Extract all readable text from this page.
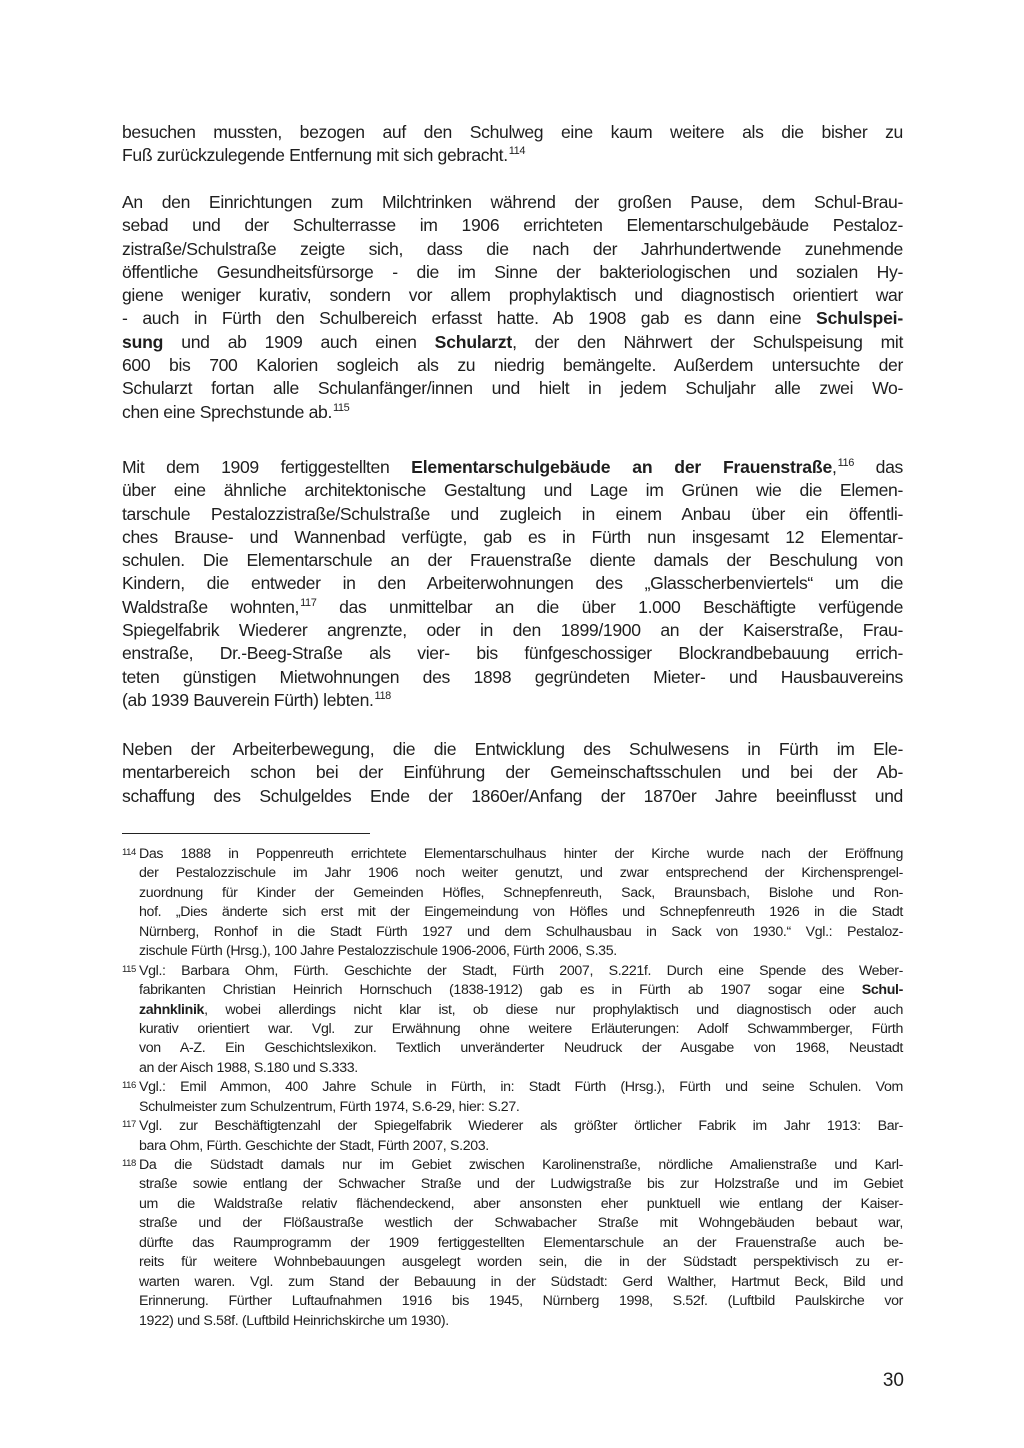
besuchen mussten, bezogen auf den Schulweg eine kaum weitere als die bisher zu
Fuß zurückzulegende Entfernung mit sich gebracht.$^{114}$
An den Einrichtungen zum Milchtrinken während der großen Pause, dem Schul-Brau-
sebad und der Schulterrasse im 1906 errichteten Elementarschulgebäude Pestaloz-
zistraße/Schulstraße zeigte sich, dass die nach der Jahrhundertwende zunehmende
öffentliche Gesundheitsfürsorge - die im Sinne der bakteriologischen und sozialen Hy-
giene weniger kurativ, sondern vor allem prophylaktisch und diagnostisch orientiert war
- auch in Fürth den Schulbereich erfasst hatte. Ab 1908 gab es dann eine Schulspei-
sung und ab 1909 auch einen Schularzt, der den Nährwert der Schulspeisung mit
600 bis 700 Kalorien sogleich als zu niedrig bemängelte. Außerdem untersuchte der
Schularzt fortan alle Schulanfänger/innen und hielt in jedem Schuljahr alle zwei Wo-
chen eine Sprechstunde ab.$^{115}$
Mit dem 1909 fertiggestellten Elementarschulgebäude an der Frauenstraße,$^{116}$ das
über eine ähnliche architektonische Gestaltung und Lage im Grünen wie die Elemen-
tarschule Pestalozzistraße/Schulstraße und zugleich in einem Anbau über ein öffentli-
ches Brause- und Wannenbad verfügte, gab es in Fürth nun insgesamt 12 Elementar-
schulen. Die Elementarschule an der Frauenstraße diente damals der Beschulung von
Kindern, die entweder in den Arbeiterwohnungen des „Glasscherbenviertels“ um die
Waldstraße wohnten,$^{117}$ das unmittelbar an die über 1.000 Beschäftigte verfügende
Spiegelfabrik Wiederer angrenzte, oder in den 1899/1900 an der Kaiserstraße, Frau-
enstraße, Dr.-Beeg-Straße als vier- bis fünfgeschossiger Blockrandbebauung errich-
teten günstigen Mietwohnungen des 1898 gegründeten Mieter- und Hausbauvereins
(ab 1939 Bauverein Fürth) lebten.$^{118}$
Neben der Arbeiterbewegung, die die Entwicklung des Schulwesens in Fürth im Ele-
mentarbereich schon bei der Einführung der Gemeinschaftsschulen und bei der Ab-
schaffung des Schulgeldes Ende der 1860er/Anfang der 1870er Jahre beeinflusst und
114 Das 1888 in Poppenreuth errichtete Elementarschulhaus hinter der Kirche wurde nach der Eröffnung
der Pestalozzischule im Jahr 1906 noch weiter genutzt, und zwar entsprechend der Kirchensprengel-
zuordnung für Kinder der Gemeinden Höfles, Schnepfenreuth, Sack, Braunsbach, Bislohe und Ron-
hof. „Dies änderte sich erst mit der Eingemeindung von Höfles und Schnepfenreuth 1926 in die Stadt
Nürnberg, Ronhof in die Stadt Fürth 1927 und dem Schulhausbau in Sack von 1930.“ Vgl.: Pestaloz-
zischule Fürth (Hrsg.), 100 Jahre Pestalozzischule 1906-2006, Fürth 2006, S.35.
115 Vgl.: Barbara Ohm, Fürth. Geschichte der Stadt, Fürth 2007, S.221f. Durch eine Spende des Weber-
fabrikanten Christian Heinrich Hornschuch (1838-1912) gab es in Fürth ab 1907 sogar eine Schul-
zahnklinik, wobei allerdings nicht klar ist, ob diese nur prophylaktisch und diagnostisch oder auch
kurativ orientiert war. Vgl. zur Erwähnung ohne weitere Erläuterungen: Adolf Schwammberger, Fürth
von A-Z. Ein Geschichtslexikon. Textlich unveränderter Neudruck der Ausgabe von 1968, Neustadt
an der Aisch 1988, S.180 und S.333.
116 Vgl.: Emil Ammon, 400 Jahre Schule in Fürth, in: Stadt Fürth (Hrsg.), Fürth und seine Schulen. Vom
Schulmeister zum Schulzentrum, Fürth 1974, S.6-29, hier: S.27.
117 Vgl. zur Beschäftigtenzahl der Spiegelfabrik Wiederer als größter örtlicher Fabrik im Jahr 1913: Bar-
bara Ohm, Fürth. Geschichte der Stadt, Fürth 2007, S.203.
118 Da die Südstadt damals nur im Gebiet zwischen Karolinenstraße, nördliche Amalienstraße und Karl-
straße sowie entlang der Schwacher Straße und der Ludwigstraße bis zur Holzstraße und im Gebiet
um die Waldstraße relativ flächendeckend, aber ansonsten eher punktuell wie entlang der Kaiser-
straße und der Flößaustraße westlich der Schwabacher Straße mit Wohngebäuden bebaut war,
dürfte das Raumprogramm der 1909 fertiggestellten Elementarschule an der Frauenstraße auch be-
reits für weitere Wohnbebauungen ausgelegt worden sein, die in der Südstadt perspektivisch zu er-
warten waren. Vgl. zum Stand der Bebauung in der Südstadt: Gerd Walther, Hartmut Beck, Bild und
Erinnerung. Fürther Luftaufnahmen 1916 bis 1945, Nürnberg 1998, S.52f. (Luftbild Paulskirche vor
1922) und S.58f. (Luftbild Heinrichskirche um 1930).
30
